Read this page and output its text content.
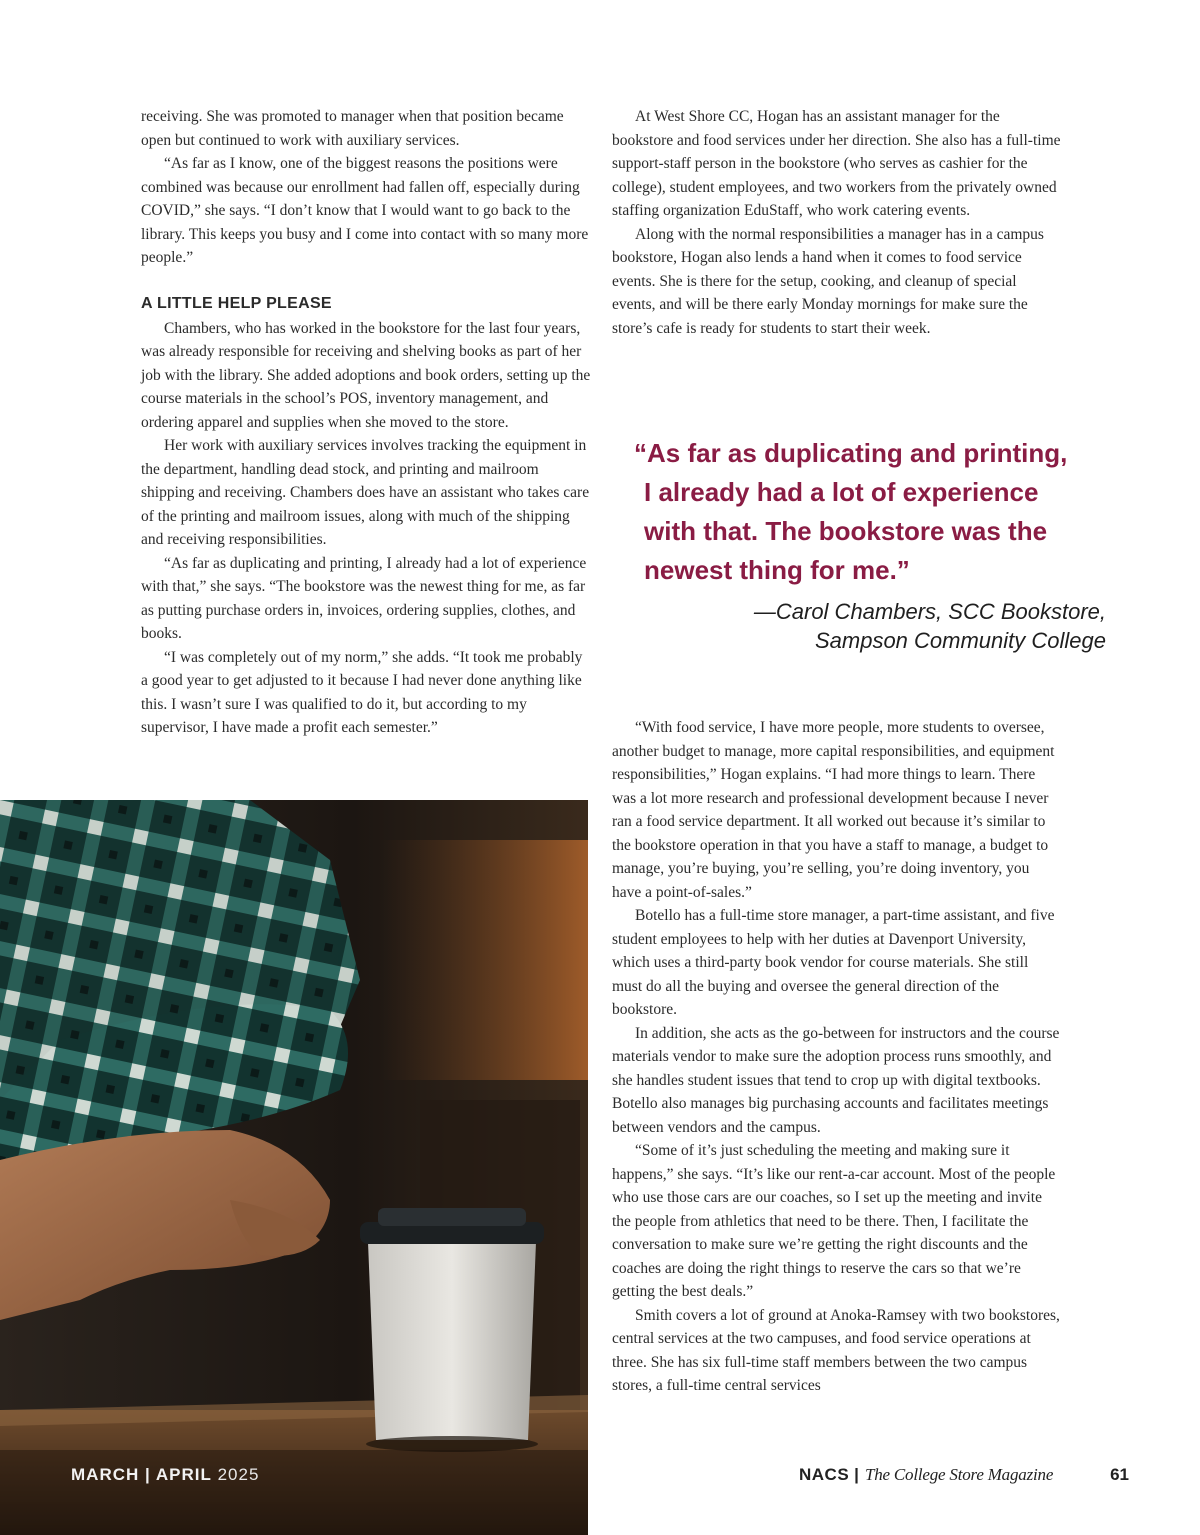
receiving. She was promoted to manager when that position became open but continued to work with auxiliary services.

“As far as I know, one of the biggest reasons the positions were combined was because our enrollment had fallen off, especially during COVID,” she says. “I don’t know that I would want to go back to the library. This keeps you busy and I come into contact with so many more people.”

A LITTLE HELP PLEASE

Chambers, who has worked in the bookstore for the last four years, was already responsible for receiving and shelving books as part of her job with the library. She added adoptions and book orders, setting up the course materials in the school’s POS, inventory management, and ordering apparel and supplies when she moved to the store.

Her work with auxiliary services involves tracking the equipment in the department, handling dead stock, and printing and mailroom shipping and receiving. Chambers does have an assistant who takes care of the printing and mailroom issues, along with much of the shipping and receiving responsibilities.

“As far as duplicating and printing, I already had a lot of experience with that,” she says. “The bookstore was the newest thing for me, as far as putting purchase orders in, invoices, ordering supplies, clothes, and books.

“I was completely out of my norm,” she adds. “It took me probably a good year to get adjusted to it because I had never done anything like this. I wasn’t sure I was qualified to do it, but according to my supervisor, I have made a profit each semester.”

At West Shore CC, Hogan has an assistant manager for the bookstore and food services under her direction. She also has a full-time support-staff person in the bookstore (who serves as cashier for the college), student employees, and two workers from the privately owned staffing organization EduStaff, who work catering events.

Along with the normal responsibilities a manager has in a campus bookstore, Hogan also lends a hand when it comes to food service events. She is there for the setup, cooking, and cleanup of special events, and will be there early Monday mornings for make sure the store’s cafe is ready for students to start their week.

“As far as duplicating and printing,
I already had a lot of experience
with that. The bookstore was the
newest thing for me.”
—Carol Chambers, SCC Bookstore,
Sampson Community College

“With food service, I have more people, more students to oversee, another budget to manage, more capital responsibilities, and equipment responsibilities,” Hogan explains. “I had more things to learn. There was a lot more research and professional development because I never ran a food service department. It all worked out because it’s similar to the bookstore operation in that you have a staff to manage, a budget to manage, you’re buying, you’re selling, you’re doing inventory, you have a point-of-sales.”

Botello has a full-time store manager, a part-time assistant, and five student employees to help with her duties at Davenport University, which uses a third-party book vendor for course materials. She still must do all the buying and oversee the general direction of the bookstore.

In addition, she acts as the go-between for instructors and the course materials vendor to make sure the adoption process runs smoothly, and she handles student issues that tend to crop up with digital textbooks. Botello also manages big purchasing accounts and facilitates meetings between vendors and the campus.

“Some of it’s just scheduling the meeting and making sure it happens,” she says. “It’s like our rent-a-car account. Most of the people who use those cars are our coaches, so I set up the meeting and invite the people from athletics that need to be there. Then, I facilitate the conversation to make sure we’re getting the right discounts and the coaches are doing the right things to reserve the cars so that we’re getting the best deals.”

Smith covers a lot of ground at Anoka-Ramsey with two bookstores, central services at the two campuses, and food service operations at three. She has six full-time staff members between the two campus stores, a full-time central services

MARCH | APRIL 2025	NACS | The College Store Magazine	61
